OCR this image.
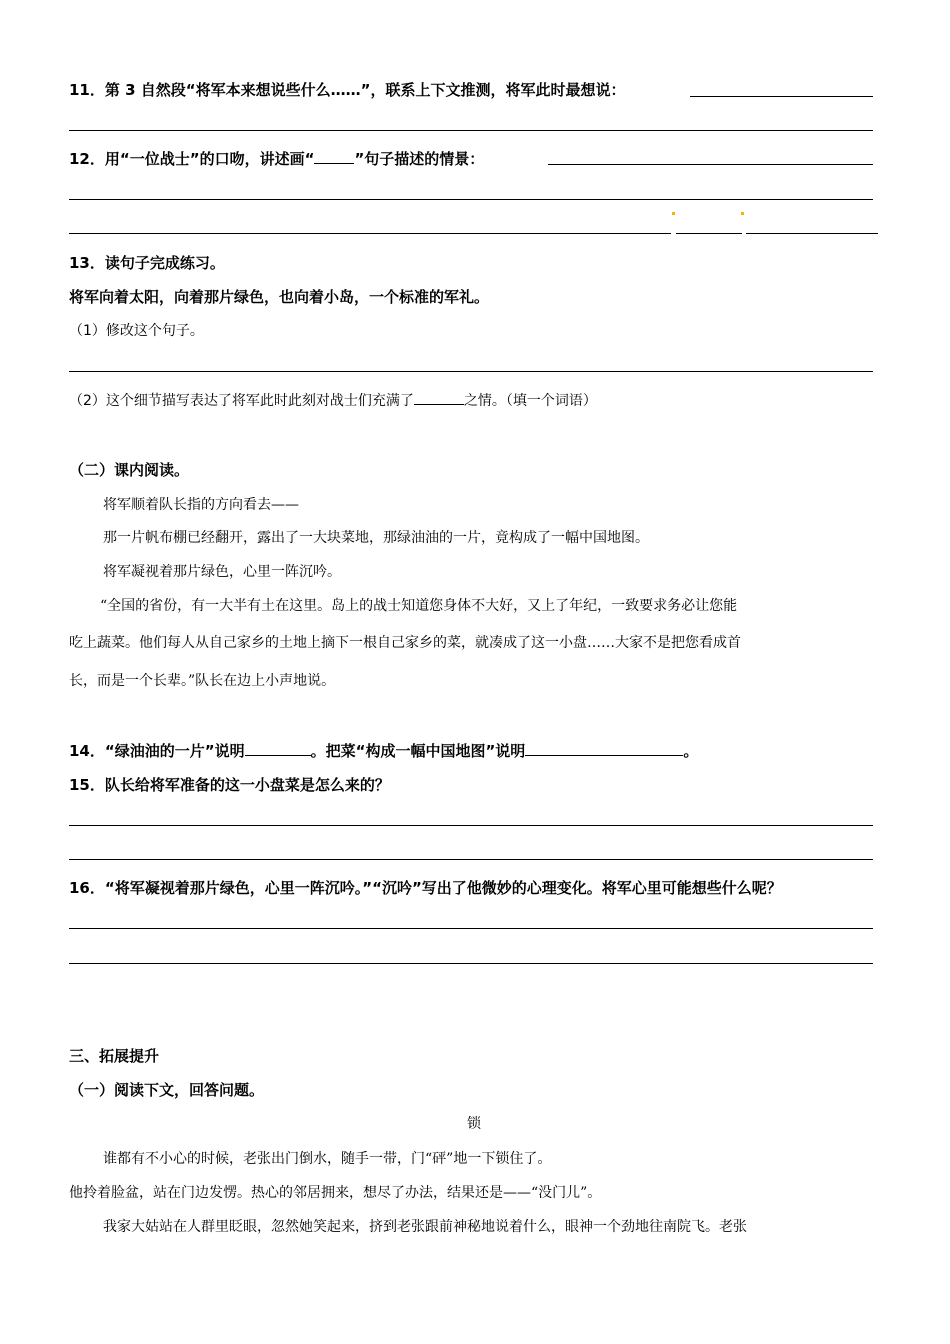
11．第 3 自然段“将军本来想说些什么……”，联系上下文推测，将军此时最想说：
12．用“一位战士”的口吻，讲述画“	”句子描述的情景：
13．读句子完成练习。
将军向着太阳，向着那片绿色，也向着小岛，一个标准的军礼。
（1）修改这个句子。
（2）这个细节描写表达了将军此时此刻对战士们充满了	之情。（填一个词语）
（二）课内阅读。
将军顺着队长指的方向看去——
那一片帆布棚已经翻开，露出了一大块菜地，那绿油油的一片，竟构成了一幅中国地图。
将军凝视着那片绿色，心里一阵沉吟。
“全国的省份，有一大半有土在这里。岛上的战士知道您身体不大好，又上了年纪，一致要求务必让您能
吃上蔬菜。他们每人从自己家乡的土地上摘下一根自己家乡的菜，就凑成了这一小盘……大家不是把您看成首
长，而是一个长辈。”队长在边上小声地说。
14．“绿油油的一片”说明	。把菜“构成一幅中国地图”说明	。
15．队长给将军准备的这一小盘菜是怎么来的？
16．“将军凝视着那片绿色，心里一阵沉吟。”“沉吟”写出了他微妙的心理变化。将军心里可能想些什么呢？
三、拓展提升
（一）阅读下文，回答问题。
锁
谁都有不小心的时候，老张出门倒水，随手一带，门“砰”地一下锁住了。
他拎着脸盆，站在门边发愣。热心的邻居拥来，想尽了办法，结果还是——“没门儿”。
我家大姑站在人群里眨眼，忽然她笑起来，挤到老张跟前神秘地说着什么，眼神一个劲地往南院飞。老张
